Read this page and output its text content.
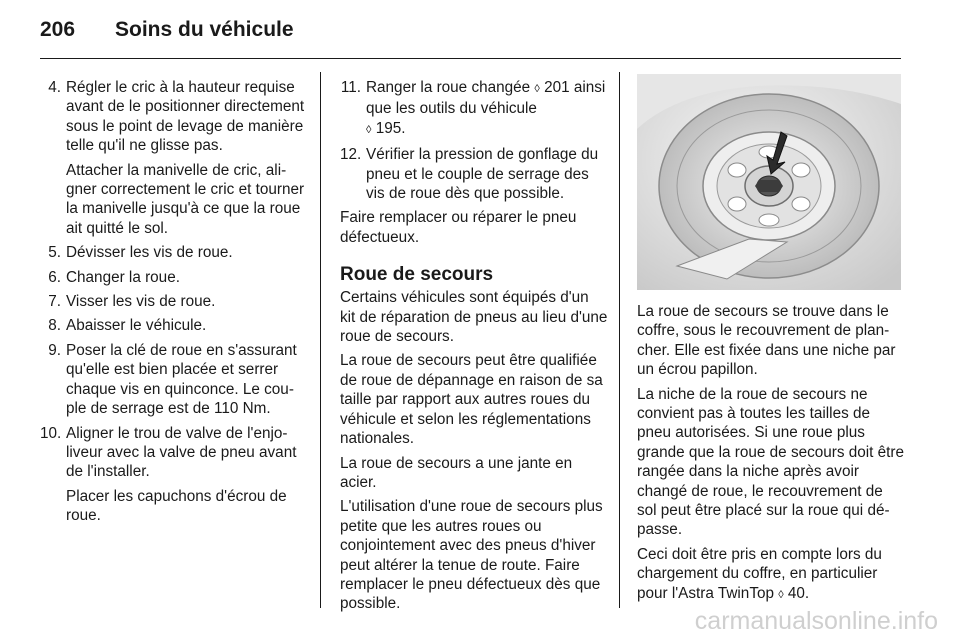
206 Soins du véhicule
4. Régler le cric à la hauteur requise avant de le positionner directement sous le point de levage de manière telle qu'il ne glisse pas.
Attacher la manivelle de cric, aligner correctement le cric et tourner la manivelle jusqu'à ce que la roue ait quitté le sol.
5. Dévisser les vis de roue.
6. Changer la roue.
7. Visser les vis de roue.
8. Abaisser le véhicule.
9. Poser la clé de roue en s'assurant qu'elle est bien placée et serrer chaque vis en quinconce. Le couple de serrage est de 110 Nm.
10. Aligner le trou de valve de l'enjoliveur avec la valve de pneu avant de l'installer.
Placer les capuchons d'écrou de roue.
11. Ranger la roue changée ◊ 201 ainsi que les outils du véhicule
◊ 195.
12. Vérifier la pression de gonflage du pneu et le couple de serrage des vis de roue dès que possible.

Faire remplacer ou réparer le pneu défectueux.

Roue de secours

Certains véhicules sont équipés d'un kit de réparation de pneus au lieu d'une roue de secours.

La roue de secours peut être qualifiée de roue de dépannage en raison de sa taille par rapport aux autres roues du véhicule et selon les réglementations nationales.

La roue de secours a une jante en acier.

L'utilisation d'une roue de secours plus petite que les autres roues ou conjointement avec des pneus d'hiver peut altérer la tenue de route. Faire remplacer le pneu défectueux dès que possible.

La roue de secours se trouve dans le coffre, sous le recouvrement de plancher. Elle est fixée dans une niche par un écrou papillon.

La niche de la roue de secours ne convient pas à toutes les tailles de pneu autorisées. Si une roue plus grande que la roue de secours doit être rangée dans la niche après avoir changé de roue, le recouvrement de sol peut être placé sur la roue qui dépasse.

Ceci doit être pris en compte lors du chargement du coffre, en particulier pour l'Astra TwinTop ◊ 40.

carmanualsonline.info
